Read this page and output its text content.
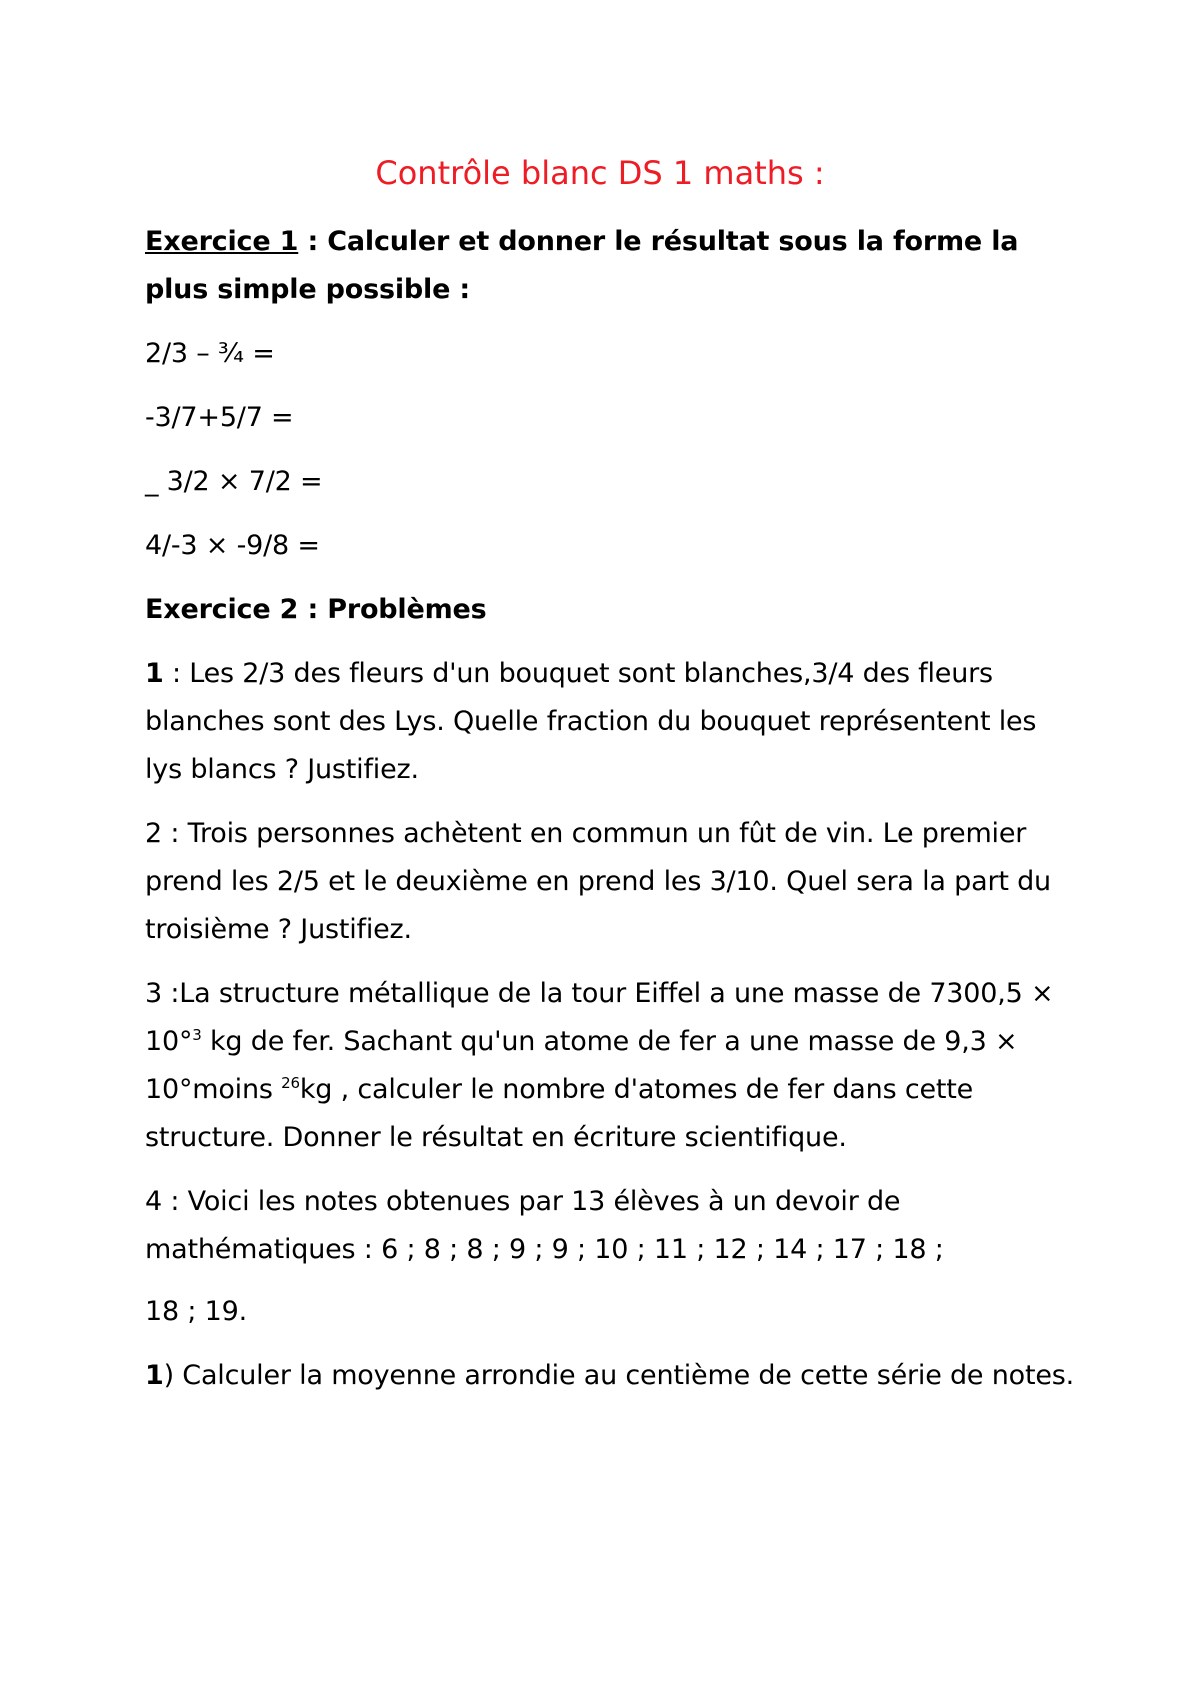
Contrôle blanc DS 1 maths :

Exercice 1 : Calculer et donner le résultat sous la forme la plus simple possible :

2/3 – ¾ =

-3/7+5/7 =

_ 3/2 × 7/2 =

4/-3 × -9/8 =

Exercice 2 : Problèmes

1 : Les 2/3 des fleurs d'un bouquet sont blanches,3/4 des fleurs blanches sont des Lys. Quelle fraction du bouquet représentent les lys blancs ? Justifiez.

2 : Trois personnes achètent en commun un fût de vin. Le premier prend les 2/5 et le deuxième en prend les 3/10. Quel sera la part du troisième ? Justifiez.

3 :La structure métallique de la tour Eiffel a une masse de 7300,5 × 10°$^3$ kg de fer. Sachant qu'un atome de fer a une masse de 9,3 × 10°moins $^{26}$kg , calculer le nombre d'atomes de fer dans cette structure. Donner le résultat en écriture scientifique.

4 : Voici les notes obtenues par 13 élèves à un devoir de mathématiques : 6 ; 8 ; 8 ; 9 ; 9 ; 10 ; 11 ; 12 ; 14 ; 17 ; 18 ;

18 ; 19.

1) Calculer la moyenne arrondie au centième de cette série de notes.
